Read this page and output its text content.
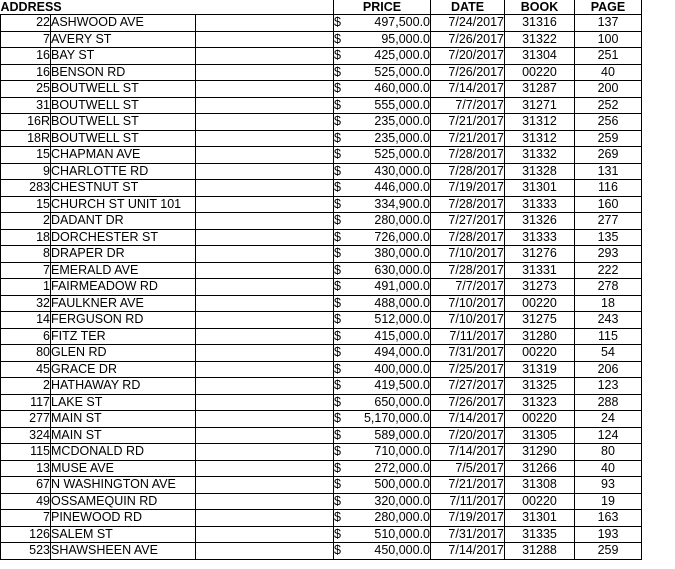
ADDRESS			PRICE		DATE	BOOK	PAGE
22	ASHWOOD AVE		$	497,500.0	7/24/2017	31316	137
7	AVERY ST		$	95,000.0	7/26/2017	31322	100
16	BAY ST		$	425,000.0	7/20/2017	31304	251
16	BENSON RD		$	525,000.0	7/26/2017	00220	40
25	BOUTWELL ST		$	460,000.0	7/14/2017	31287	200
31	BOUTWELL ST		$	555,000.0	7/7/2017	31271	252
16R	BOUTWELL ST		$	235,000.0	7/21/2017	31312	256
18R	BOUTWELL ST		$	235,000.0	7/21/2017	31312	259
15	CHAPMAN AVE		$	525,000.0	7/28/2017	31332	269
9	CHARLOTTE RD		$	430,000.0	7/28/2017	31328	131
283	CHESTNUT ST		$	446,000.0	7/19/2017	31301	116
15	CHURCH ST UNIT 101		$	334,900.0	7/28/2017	31333	160
2	DADANT DR		$	280,000.0	7/27/2017	31326	277
18	DORCHESTER ST		$	726,000.0	7/28/2017	31333	135
8	DRAPER DR		$	380,000.0	7/10/2017	31276	293
7	EMERALD AVE		$	630,000.0	7/28/2017	31331	222
1	FAIRMEADOW RD		$	491,000.0	7/7/2017	31273	278
32	FAULKNER AVE		$	488,000.0	7/10/2017	00220	18
14	FERGUSON RD		$	512,000.0	7/10/2017	31275	243
6	FITZ TER		$	415,000.0	7/11/2017	31280	115
80	GLEN RD		$	494,000.0	7/31/2017	00220	54
45	GRACE DR		$	400,000.0	7/25/2017	31319	206
2	HATHAWAY RD		$	419,500.0	7/27/2017	31325	123
117	LAKE ST		$	650,000.0	7/26/2017	31323	288
277	MAIN ST		$	5,170,000.0	7/14/2017	00220	24
324	MAIN ST		$	589,000.0	7/20/2017	31305	124
115	MCDONALD RD		$	710,000.0	7/14/2017	31290	80
13	MUSE AVE		$	272,000.0	7/5/2017	31266	40
67	N WASHINGTON AVE		$	500,000.0	7/21/2017	31308	93
49	OSSAMEQUIN RD		$	320,000.0	7/11/2017	00220	19
7	PINEWOOD RD		$	280,000.0	7/19/2017	31301	163
126	SALEM ST		$	510,000.0	7/31/2017	31335	193
523	SHAWSHEEN AVE		$	450,000.0	7/14/2017	31288	259
